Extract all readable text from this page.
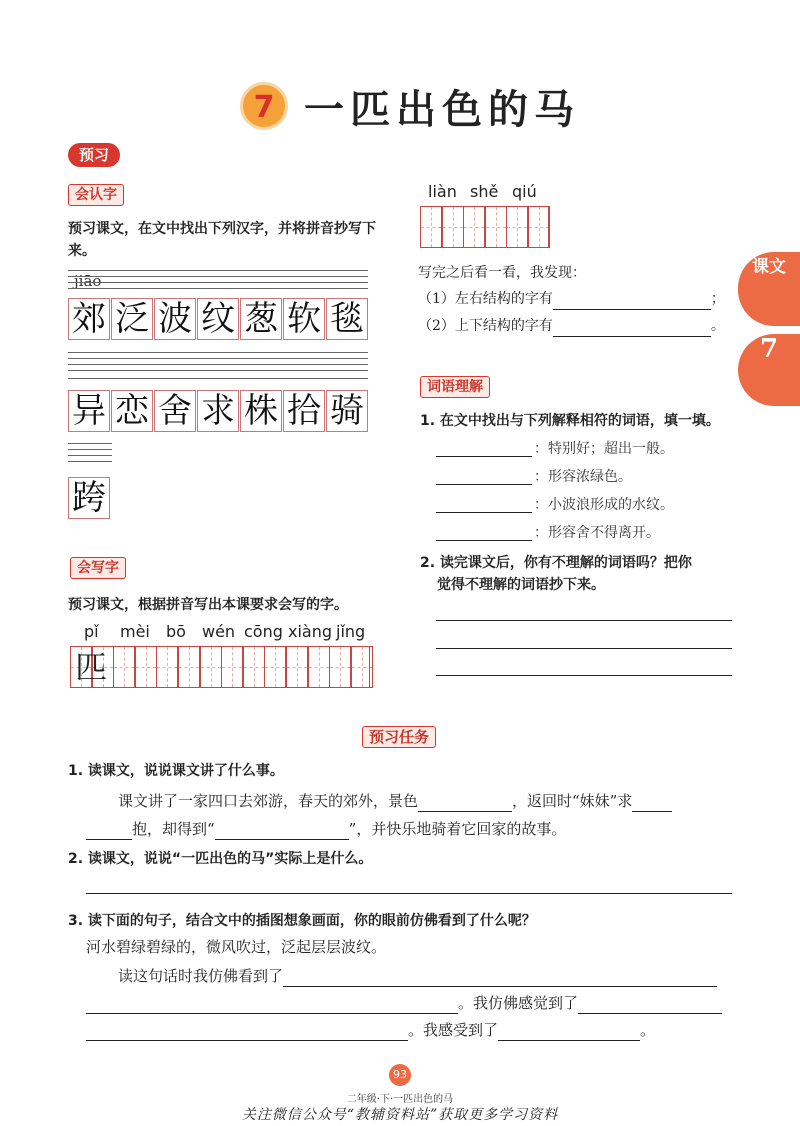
7 一匹出色的马
预习
课文
7
会认字
预习课文，在文中找出下列汉字，并将拼音抄写下来。
jiāo
郊 泛 波 纹 葱 软 毯
异 恋 舍 求 株 拾 骑
跨
会写字
预习课文，根据拼音写出本课要求会写的字。
pǐ mèi bō wén cōng xiàng jǐng
匹
liàn shě qiú
写完之后看一看，我发现：
（1）左右结构的字有	；
（2）上下结构的字有	。
词语理解
1. 在文中找出与下列解释相符的词语，填一填。
：特别好；超出一般。
：形容浓绿色。
：小波浪形成的水纹。
：形容舍不得离开。
2. 读完课文后，你有不理解的词语吗？把你
觉得不理解的词语抄下来。
预习任务
1. 读课文，说说课文讲了什么事。
课文讲了一家四口去郊游，春天的郊外，景色	，返回时“妹妹”求
抱，却得到“	”，并快乐地骑着它回家的故事。
2. 读课文，说说“一匹出色的马”实际上是什么。
3. 读下面的句子，结合文中的插图想象画面，你的眼前仿佛看到了什么呢？
河水碧绿碧绿的，微风吹过，泛起层层波纹。
读这句话时我仿佛看到了
。我仿佛感觉到了
。我感受到了	。
93
二年级·下·一匹出色的马
关注微信公众号“教辅资料站”获取更多学习资料
